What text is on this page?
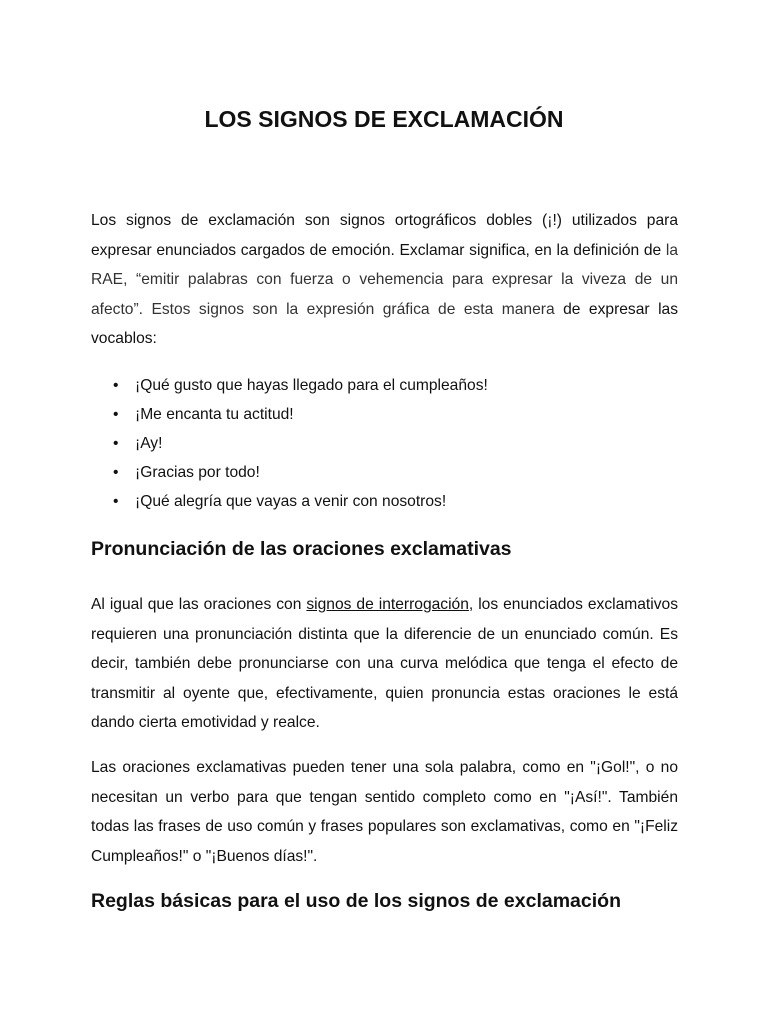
LOS SIGNOS DE EXCLAMACIÓN

Los signos de exclamación son signos ortográficos dobles (¡!) utilizados para expresar enunciados cargados de emoción. Exclamar significa, en la definición de la RAE, “emitir palabras con fuerza o vehemencia para expresar la viveza de un afecto”. Estos signos son la expresión gráfica de esta manera de expresar las vocablos:

• ¡Qué gusto que hayas llegado para el cumpleaños!
• ¡Me encanta tu actitud!
• ¡Ay!
• ¡Gracias por todo!
• ¡Qué alegría que vayas a venir con nosotros!
Pronunciación de las oraciones exclamativas

Al igual que las oraciones con signos de interrogación, los enunciados exclamativos requieren una pronunciación distinta que la diferencie de un enunciado común. Es decir, también debe pronunciarse con una curva melódica que tenga el efecto de transmitir al oyente que, efectivamente, quien pronuncia estas oraciones le está dando cierta emotividad y realce.

Las oraciones exclamativas pueden tener una sola palabra, como en "¡Gol!", o no necesitan un verbo para que tengan sentido completo como en "¡Así!". También todas las frases de uso común y frases populares son exclamativas, como en "¡Feliz Cumpleaños!" o "¡Buenos días!".

Reglas básicas para el uso de los signos de exclamación
